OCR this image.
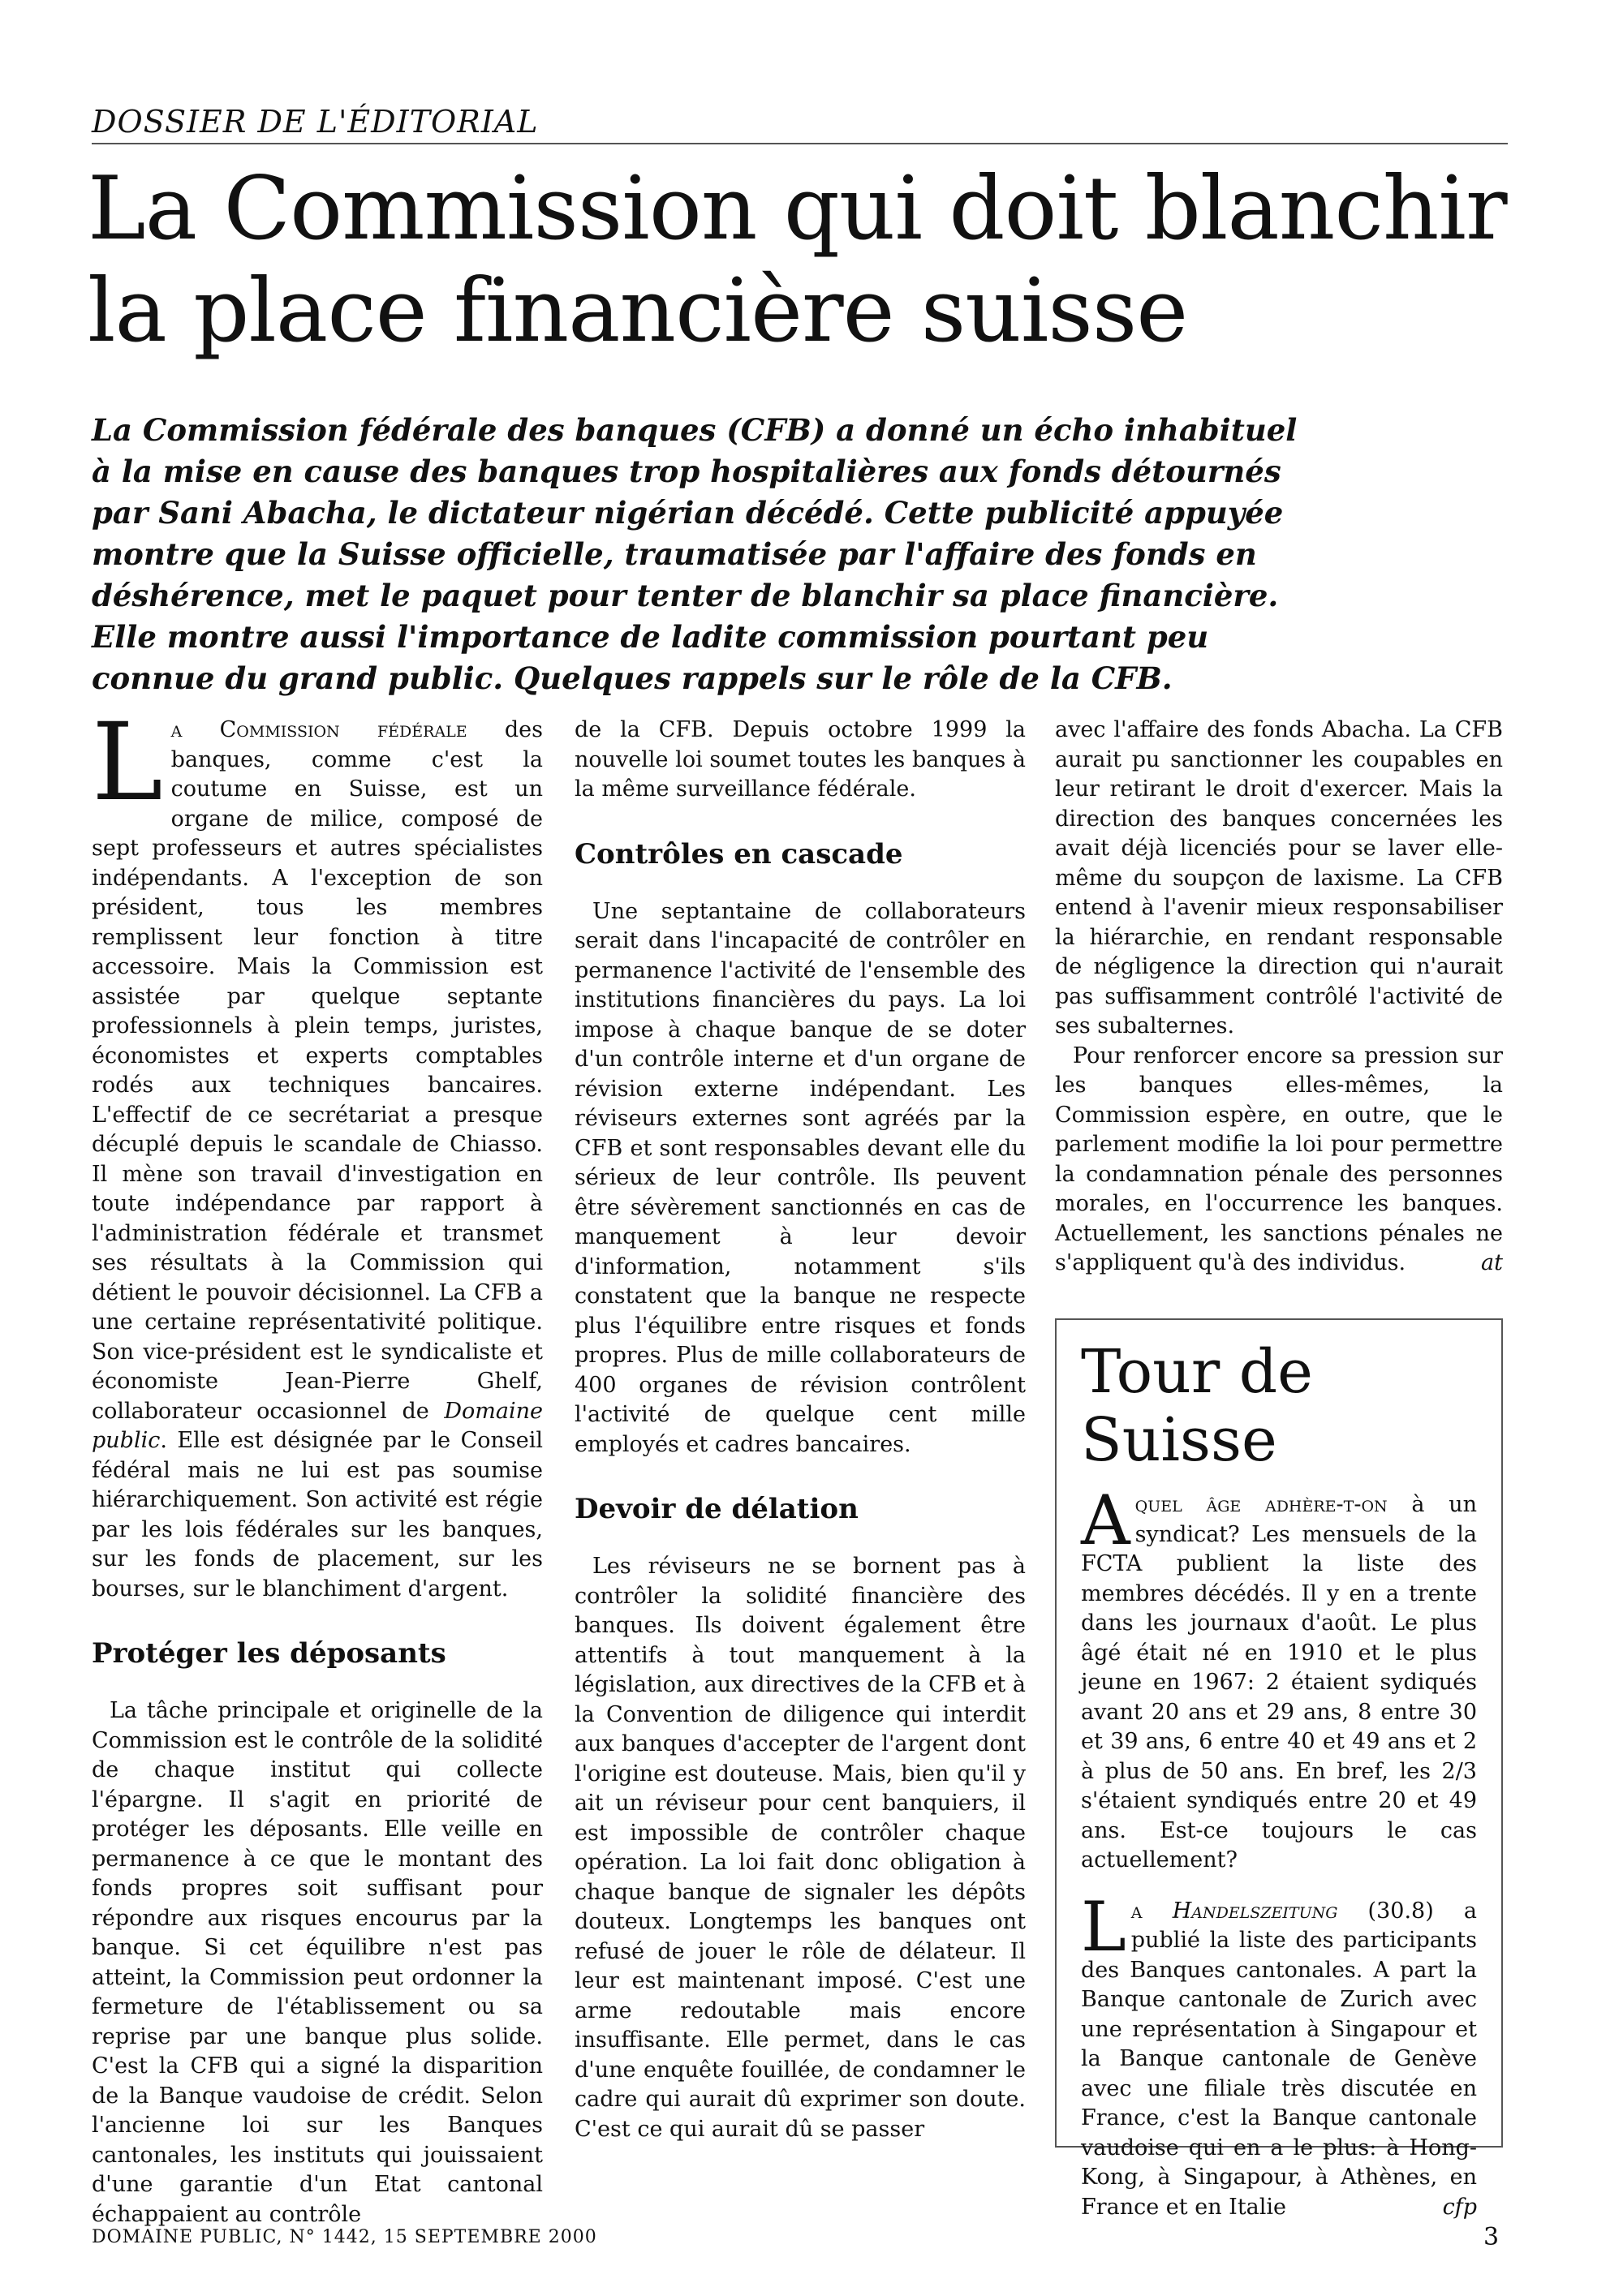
DOSSIER DE L'ÉDITORIAL
La Commission qui doit blanchir
la place financière suisse

La Commission fédérale des banques (CFB) a donné un écho inhabituel à la mise en cause des banques trop hospitalières aux fonds détournés par Sani Abacha, le dictateur nigérian décédé. Cette publicité appuyée montre que la Suisse officielle, traumatisée par l'affaire des fonds en déshérence, met le paquet pour tenter de blanchir sa place financière. Elle montre aussi l'importance de ladite commission pourtant peu connue du grand public. Quelques rappels sur le rôle de la CFB.

La Commission fédérale des banques, comme c'est la coutume en Suisse, est un organe de milice, composé de sept professeurs et autres spécialistes indépendants. A l'exception de son président, tous les membres remplissent leur fonction à titre accessoire. Mais la Commission est assistée par quelque septante professionnels à plein temps, juristes, économistes et experts comptables rodés aux techniques bancaires. L'effectif de ce secrétariat a presque décuplé depuis le scandale de Chiasso. Il mène son travail d'investigation en toute indépendance par rapport à l'administration fédérale et transmet ses résultats à la Commission qui détient le pouvoir décisionnel. La CFB a une certaine représentativité politique. Son vice-président est le syndicaliste et économiste Jean-Pierre Ghelf, collaborateur occasionnel de Domaine public. Elle est désignée par le Conseil fédéral mais ne lui est pas soumise hiérarchiquement. Son activité est régie par les lois fédérales sur les banques, sur les fonds de placement, sur les bourses, sur le blanchiment d'argent.

Protéger les déposants

La tâche principale et originelle de la Commission est le contrôle de la solidité de chaque institut qui collecte l'épargne. Il s'agit en priorité de protéger les déposants. Elle veille en permanence à ce que le montant des fonds propres soit suffisant pour répondre aux risques encourus par la banque. Si cet équilibre n'est pas atteint, la Commission peut ordonner la fermeture de l'établissement ou sa reprise par une banque plus solide. C'est la CFB qui a signé la disparition de la Banque vaudoise de crédit. Selon l'ancienne loi sur les Banques cantonales, les instituts qui jouissaient d'une garantie d'un Etat cantonal échappaient au contrôle

de la CFB. Depuis octobre 1999 la nouvelle loi soumet toutes les banques à la même surveillance fédérale.

Contrôles en cascade

Une septantaine de collaborateurs serait dans l'incapacité de contrôler en permanence l'activité de l'ensemble des institutions financières du pays. La loi impose à chaque banque de se doter d'un contrôle interne et d'un organe de révision externe indépendant. Les réviseurs externes sont agréés par la CFB et sont responsables devant elle du sérieux de leur contrôle. Ils peuvent être sévèrement sanctionnés en cas de manquement à leur devoir d'information, notamment s'ils constatent que la banque ne respecte plus l'équilibre entre risques et fonds propres. Plus de mille collaborateurs de 400 organes de révision contrôlent l'activité de quelque cent mille employés et cadres bancaires.

Devoir de délation

Les réviseurs ne se bornent pas à contrôler la solidité financière des banques. Ils doivent également être attentifs à tout manquement à la législation, aux directives de la CFB et à la Convention de diligence qui interdit aux banques d'accepter de l'argent dont l'origine est douteuse. Mais, bien qu'il y ait un réviseur pour cent banquiers, il est impossible de contrôler chaque opération. La loi fait donc obligation à chaque banque de signaler les dépôts douteux. Longtemps les banques ont refusé de jouer le rôle de délateur. Il leur est maintenant imposé. C'est une arme redoutable mais encore insuffisante. Elle permet, dans le cas d'une enquête fouillée, de condamner le cadre qui aurait dû exprimer son doute. C'est ce qui aurait dû se passer

avec l'affaire des fonds Abacha. La CFB aurait pu sanctionner les coupables en leur retirant le droit d'exercer. Mais la direction des banques concernées les avait déjà licenciés pour se laver elle-même du soupçon de laxisme. La CFB entend à l'avenir mieux responsabiliser la hiérarchie, en rendant responsable de négligence la direction qui n'aurait pas suffisamment contrôlé l'activité de ses subalternes.

Pour renforcer encore sa pression sur les banques elles-mêmes, la Commission espère, en outre, que le parlement modifie la loi pour permettre la condamnation pénale des personnes morales, en l'occurrence les banques. Actuellement, les sanctions pénales ne s'appliquent qu'à des individus.	at

Tour de Suisse

Aquel âge adhère-t-on à un syndicat? Les mensuels de la FCTA publient la liste des membres décédés. Il y en a trente dans les journaux d'août. Le plus âgé était né en 1910 et le plus jeune en 1967: 2 étaient sydiqués avant 20 ans et 29 ans, 8 entre 30 et 39 ans, 6 entre 40 et 49 ans et 2 à plus de 50 ans. En bref, les 2/3 s'étaient syndiqués entre 20 et 49 ans. Est-ce toujours le cas actuellement?

La Handelszeitung (30.8) a publié la liste des participants des Banques cantonales. A part la Banque cantonale de Zurich avec une représentation à Singapour et la Banque cantonale de Genève avec une filiale très discutée en France, c'est la Banque cantonale vaudoise qui en a le plus: à Hong-Kong, à Singapour, à Athènes, en France et en Italie	cfp

DOMAINE PUBLIC, N° 1442, 15 SEPTEMBRE 2000	3
